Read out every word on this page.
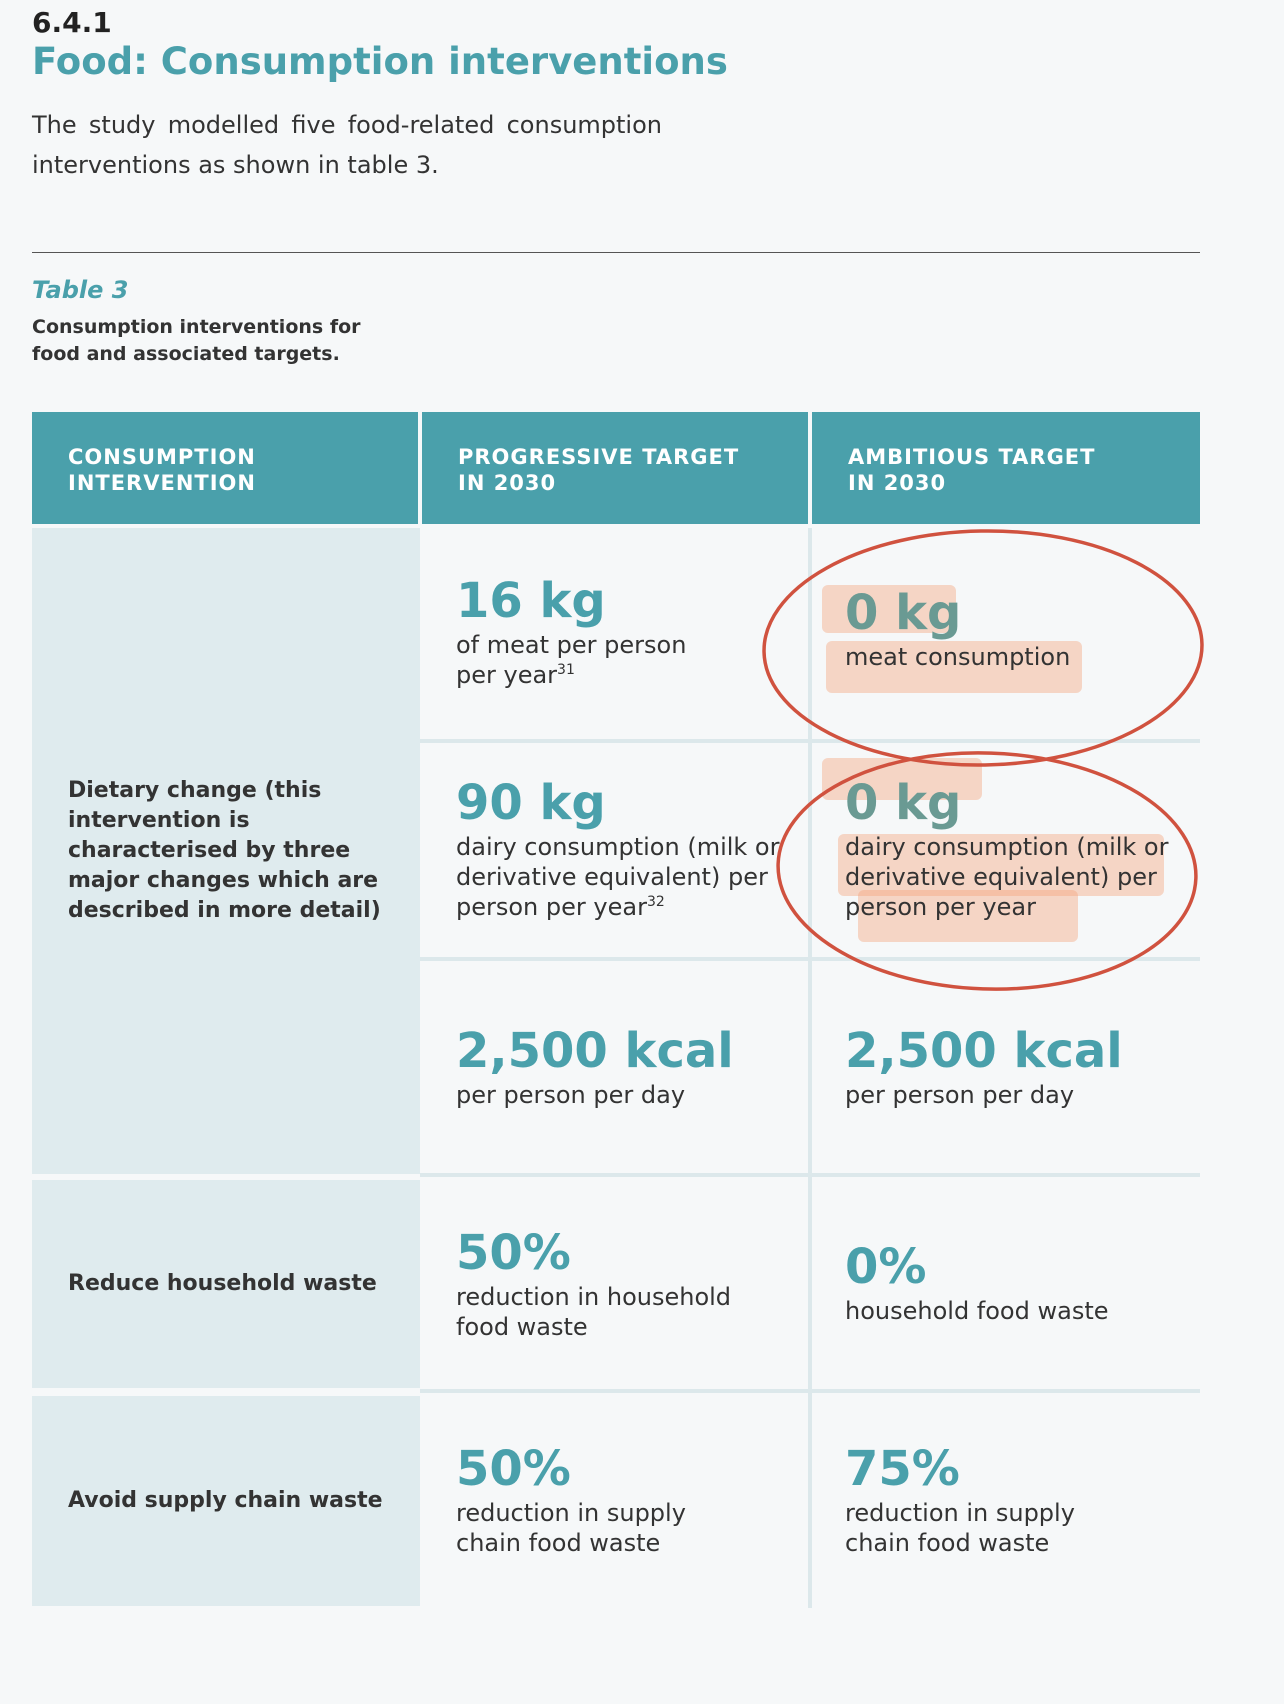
6.4.1
Food: Consumption interventions
The study modelled five food-related consumption interventions as shown in table 3.
Table 3
Consumption interventions for food and associated targets.
CONSUMPTION
INTERVENTION
PROGRESSIVE TARGET
IN 2030
AMBITIOUS TARGET
IN 2030
Dietary change (this intervention is characterised by three major changes which are described in more detail)
Reduce household waste
Avoid supply chain waste
16 kg
of meat per person
per year$^{31}$
0 kg
meat consumption
90 kg
dairy consumption (milk or
derivative equivalent) per
person per year$^{32}$
0 kg
dairy consumption (milk or
derivative equivalent) per
person per year
2,500 kcal
per person per day
2,500 kcal
per person per day
50%
reduction in household
food waste
0%
household food waste
50%
reduction in supply
chain food waste
75%
reduction in supply
chain food waste
